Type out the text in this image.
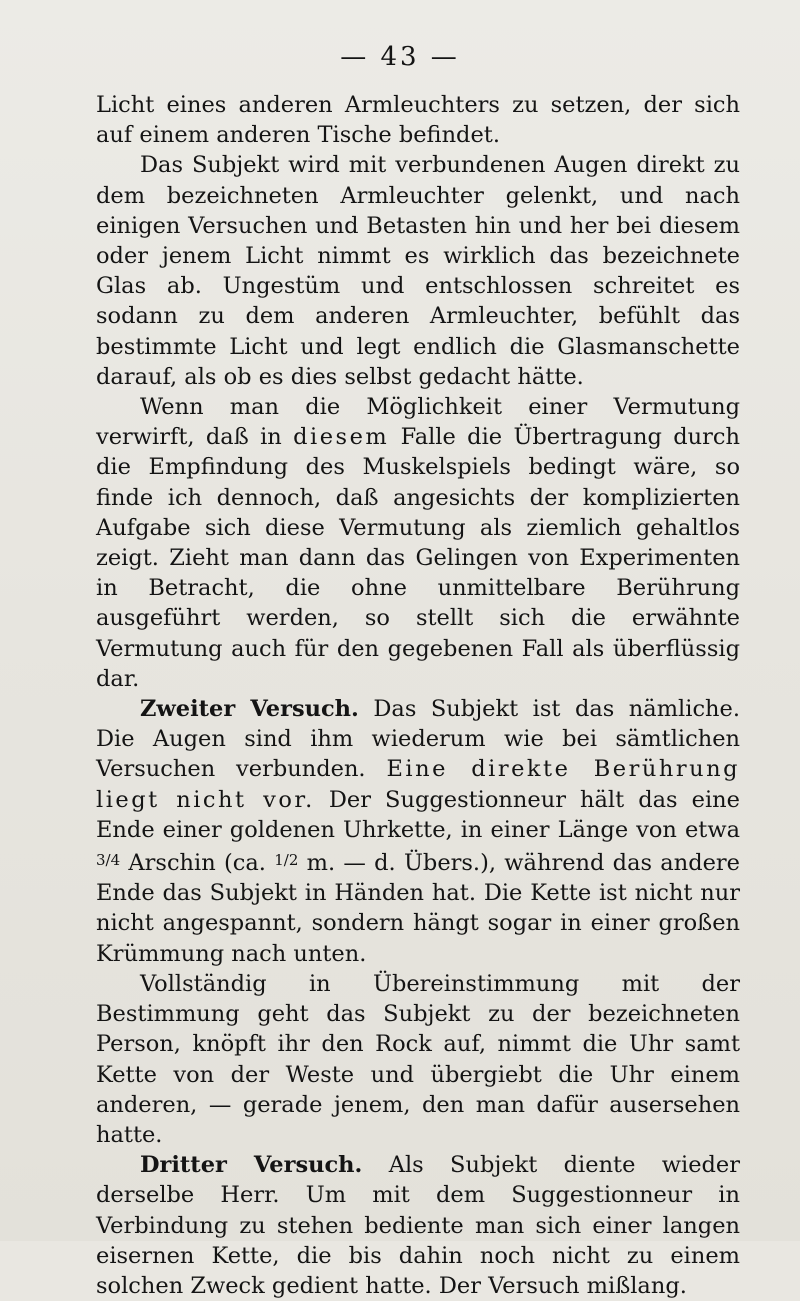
— 43 —

Licht eines anderen Armleuchters zu setzen, der sich auf einem anderen Tische befindet.

Das Subjekt wird mit verbundenen Augen direkt zu dem bezeichneten Armleuchter gelenkt, und nach einigen Versuchen und Betasten hin und her bei diesem oder jenem Licht nimmt es wirklich das bezeichnete Glas ab. Ungestüm und entschlossen schreitet es sodann zu dem anderen Armleuchter, befühlt das bestimmte Licht und legt endlich die Glasmanschette darauf, als ob es dies selbst gedacht hätte.

Wenn man die Möglichkeit einer Vermutung verwirft, daß in diesem Falle die Übertragung durch die Empfindung des Muskelspiels bedingt wäre, so finde ich dennoch, daß angesichts der komplizierten Aufgabe sich diese Vermutung als ziemlich gehaltlos zeigt. Zieht man dann das Gelingen von Experimenten in Betracht, die ohne unmittelbare Berührung ausgeführt werden, so stellt sich die erwähnte Vermutung auch für den gegebenen Fall als überflüssig dar.

Zweiter Versuch. Das Subjekt ist das nämliche. Die Augen sind ihm wiederum wie bei sämtlichen Versuchen verbunden. Eine direkte Berührung liegt nicht vor. Der Suggestionneur hält das eine Ende einer goldenen Uhrkette, in einer Länge von etwa $^{3/4}$ Arschin (ca. $^{1/2}$ m. — d. Übers.), während das andere Ende das Subjekt in Händen hat. Die Kette ist nicht nur nicht angespannt, sondern hängt sogar in einer großen Krümmung nach unten.

Vollständig in Übereinstimmung mit der Bestimmung geht das Subjekt zu der bezeichneten Person, knöpft ihr den Rock auf, nimmt die Uhr samt Kette von der Weste und übergiebt die Uhr einem anderen, — gerade jenem, den man dafür ausersehen hatte.

Dritter Versuch. Als Subjekt diente wieder derselbe Herr. Um mit dem Suggestionneur in Verbindung zu stehen bediente man sich einer langen eisernen Kette, die bis dahin noch nicht zu einem solchen Zweck gedient hatte. Der Versuch mißlang.
